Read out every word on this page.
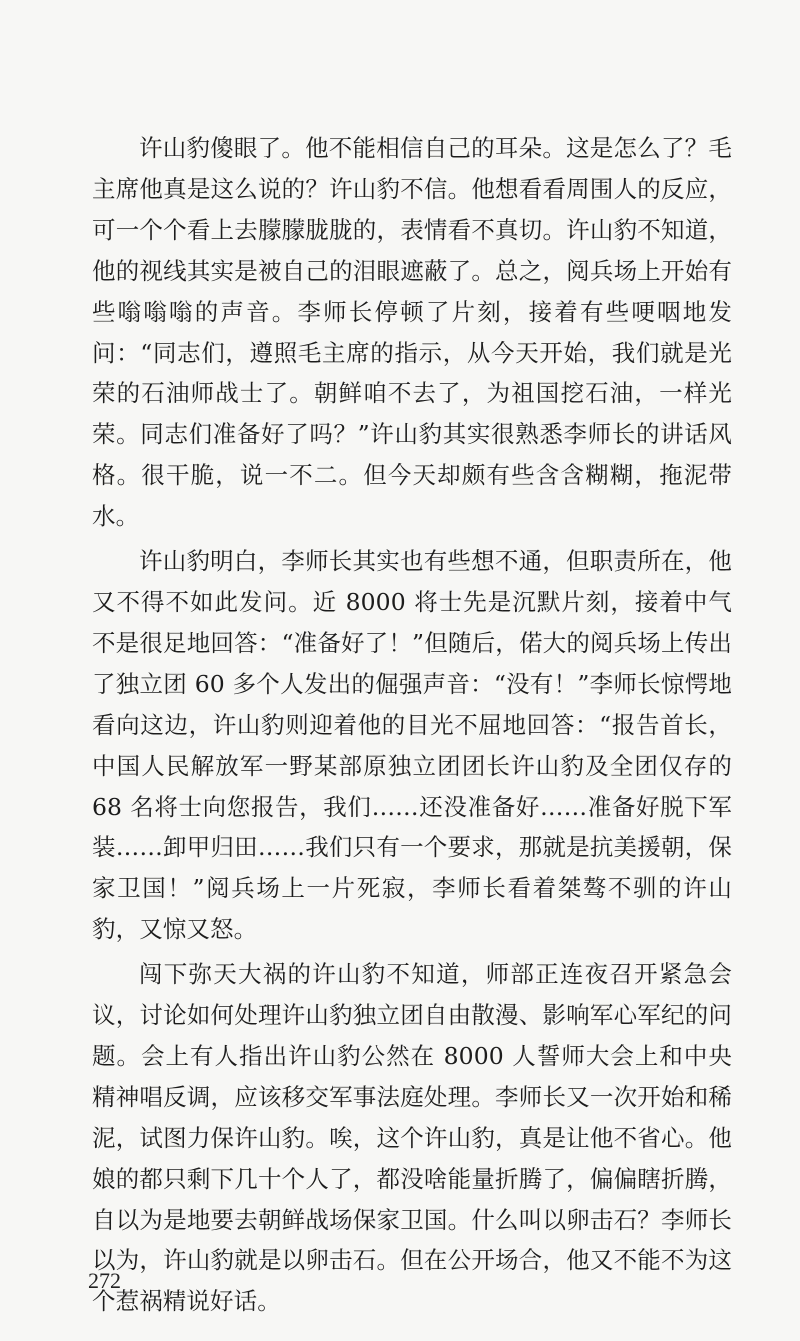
许山豹傻眼了。他不能相信自己的耳朵。这是怎么了？毛主席他真是这么说的？许山豹不信。他想看看周围人的反应，可一个个看上去朦朦胧胧的，表情看不真切。许山豹不知道，他的视线其实是被自己的泪眼遮蔽了。总之，阅兵场上开始有些嗡嗡嗡的声音。李师长停顿了片刻，接着有些哽咽地发问：“同志们，遵照毛主席的指示，从今天开始，我们就是光荣的石油师战士了。朝鲜咱不去了，为祖国挖石油，一样光荣。同志们准备好了吗？”许山豹其实很熟悉李师长的讲话风格。很干脆，说一不二。但今天却颇有些含含糊糊，拖泥带水。

许山豹明白，李师长其实也有些想不通，但职责所在，他又不得不如此发问。近 8000 将士先是沉默片刻，接着中气不是很足地回答：“准备好了！”但随后，偌大的阅兵场上传出了独立团 60 多个人发出的倔强声音：“没有！”李师长惊愕地看向这边，许山豹则迎着他的目光不屈地回答：“报告首长，中国人民解放军一野某部原独立团团长许山豹及全团仅存的 68 名将士向您报告，我们……还没准备好……准备好脱下军装……卸甲归田……我们只有一个要求，那就是抗美援朝，保家卫国！”阅兵场上一片死寂，李师长看着桀骜不驯的许山豹，又惊又怒。

闯下弥天大祸的许山豹不知道，师部正连夜召开紧急会议，讨论如何处理许山豹独立团自由散漫、影响军心军纪的问题。会上有人指出许山豹公然在 8000 人誓师大会上和中央精神唱反调，应该移交军事法庭处理。李师长又一次开始和稀泥，试图力保许山豹。唉，这个许山豹，真是让他不省心。他娘的都只剩下几十个人了，都没啥能量折腾了，偏偏瞎折腾，自以为是地要去朝鲜战场保家卫国。什么叫以卵击石？李师长以为，许山豹就是以卵击石。但在公开场合，他又不能不为这个惹祸精说好话。

272
